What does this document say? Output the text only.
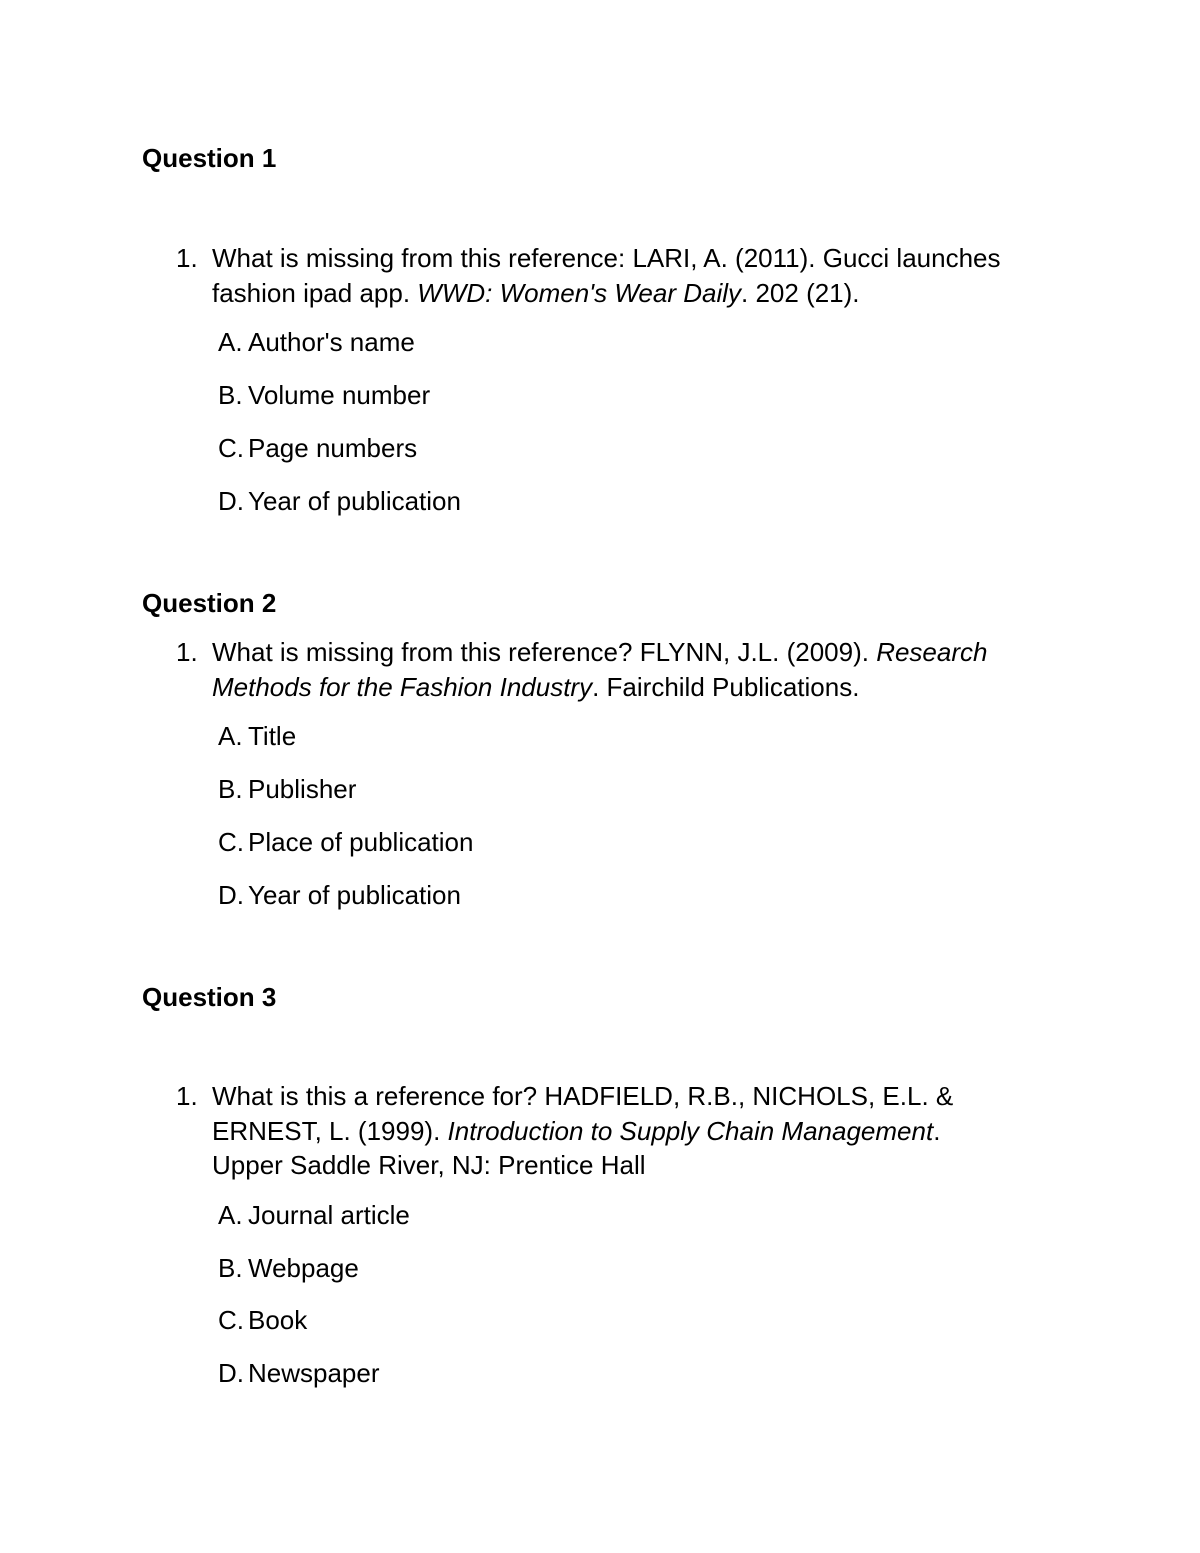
Question 1
1. What is missing from this reference: LARI, A. (2011). Gucci launches fashion ipad app. WWD: Women's Wear Daily. 202 (21).
A. Author's name
B. Volume number
C. Page numbers
D. Year of publication
Question 2
1. What is missing from this reference? FLYNN, J.L. (2009). Research Methods for the Fashion Industry. Fairchild Publications.
A. Title
B. Publisher
C. Place of publication
D. Year of publication
Question 3
1. What is this a reference for? HADFIELD, R.B., NICHOLS, E.L. & ERNEST, L. (1999). Introduction to Supply Chain Management. Upper Saddle River, NJ: Prentice Hall
A. Journal article
B. Webpage
C. Book
D. Newspaper
